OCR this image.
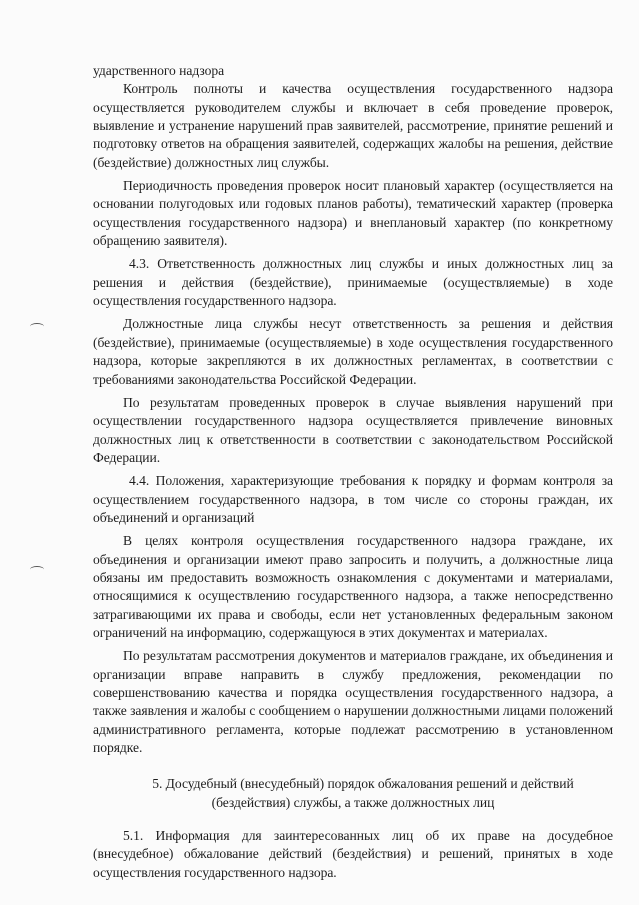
ударственного надзора

Контроль полноты и качества осуществления государственного надзора осуществляется руководителем службы и включает в себя проведение проверок, выявление и устранение нарушений прав заявителей, рассмотрение, принятие решений и подготовку ответов на обращения заявителей, содержащих жалобы на решения, действие (бездействие) должностных лиц службы.

Периодичность проведения проверок носит плановый характер (осуществляется на основании полугодовых или годовых планов работы), тематический характер (проверка осуществления государственного надзора) и внеплановый характер (по конкретному обращению заявителя).

4.3. Ответственность должностных лиц службы и иных должностных лиц за решения и действия (бездействие), принимаемые (осуществляемые) в ходе осуществления государственного надзора.

Должностные лица службы несут ответственность за решения и действия (бездействие), принимаемые (осуществляемые) в ходе осуществления государственного надзора, которые закрепляются в их должностных регламентах, в соответствии с требованиями законодательства Российской Федерации.

По результатам проведенных проверок в случае выявления нарушений при осуществлении государственного надзора осуществляется привлечение виновных должностных лиц к ответственности в соответствии с законодательством Российской Федерации.

4.4. Положения, характеризующие требования к порядку и формам контроля за осуществлением государственного надзора, в том числе со стороны граждан, их объединений и организаций

В целях контроля осуществления государственного надзора граждане, их объединения и организации имеют право запросить и получить, а должностные лица обязаны им предоставить возможность ознакомления с документами и материалами, относящимися к осуществлению государственного надзора, а также непосредственно затрагивающими их права и свободы, если нет установленных федеральным законом ограничений на информацию, содержащуюся в этих документах и материалах.

По результатам рассмотрения документов и материалов граждане, их объединения и организации вправе направить в службу предложения, рекомендации по совершенствованию качества и порядка осуществления государственного надзора, а также заявления и жалобы с сообщением о нарушении должностными лицами положений административного регламента, которые подлежат рассмотрению в установленном порядке.

5. Досудебный (внесудебный) порядок обжалования решений и действий (бездействия) службы, а также должностных лиц

5.1. Информация для заинтересованных лиц об их праве на досудебное (внесудебное) обжалование действий (бездействия) и решений, принятых в ходе осуществления государственного надзора.
